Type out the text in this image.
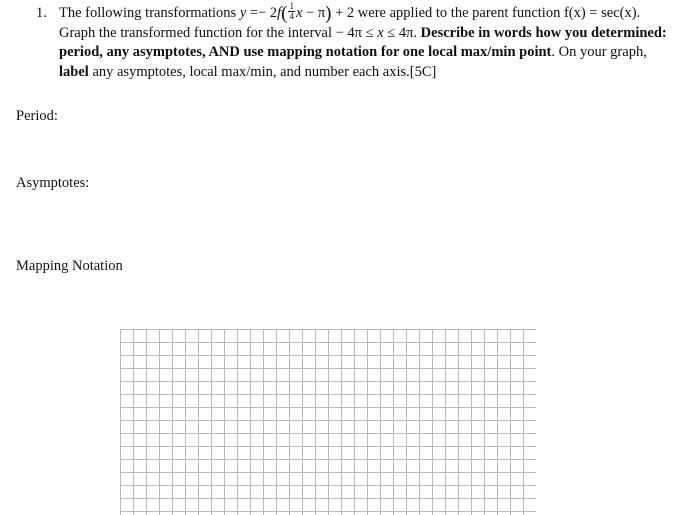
1. The following transformations $y =- 2f( \frac{1}{4}$ x − π) + 2 were applied to the parent function f(x) = sec(x). Graph the transformed function for the interval − 4π ≤ x ≤ 4π. Describe in words how you determined: period, any asymptotes, AND use mapping notation for one local max/min point. On your graph, label any asymptotes, local max/min, and number each axis.[5C]
Period:
Asymptotes:
Mapping Notation
